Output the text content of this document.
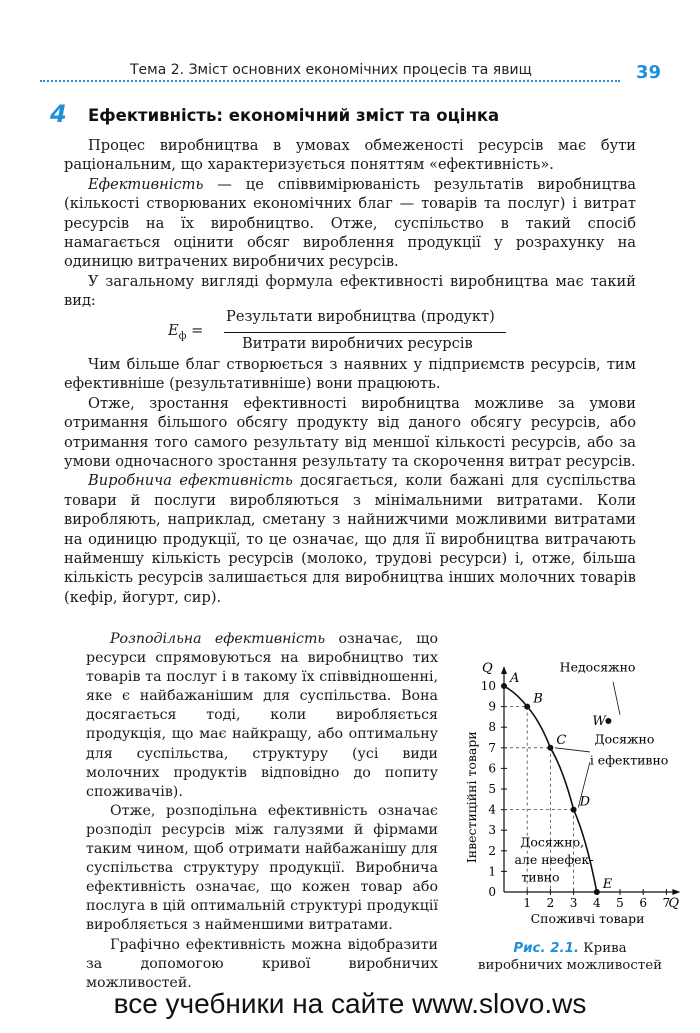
Тема 2. Зміст основних економічних процесів та явищ	39
4 Ефективність: економічний зміст та оцінка

Процес виробництва в умовах обмеженості ресурсів має бути раціональним, що характеризується поняттям «ефективність».

Ефективність — це співвимірюваність результатів виробництва (кількості створюваних економічних благ — товарів та послуг) і витрат ресурсів на їх виробництво. Отже, суспільство в такий спосіб намагається оцінити обсяг вироблення продукції у розрахунку на одиницю витрачених виробничих ресурсів.

У загальному вигляді формула ефективності виробництва має такий вид:

$E_ф$ =
Результати виробництва (продукт)
Витрати виробничих ресурсів

Чим більше благ створюється з наявних у підприємств ресурсів, тим ефективніше (результативніше) вони працюють.

Отже, зростання ефективності виробництва можливе за умови отримання більшого обсягу продукту від даного обсягу ресурсів, або отримання того самого результату від меншої кількості ресурсів, або за умови одночасного зростання результату та скорочення витрат ресурсів.

Виробнича ефективність досягається, коли бажані для суспільства товари й послуги виробляються з мінімальними витратами. Коли виробляють, наприклад, сметану з найнижчими можливими витратами на одиницю продукції, то це означає, що для її виробництва витрачають найменшу кількість ресурсів (молоко, трудові ресурси) і, отже, більша кількість ресурсів залишається для виробництва інших молочних товарів (кефір, йогурт, сир).

Розподільна ефективність означає, що ресурси спрямовуються на виробництво тих товарів та послуг і в такому їх співвідношенні, яке є найбажанішим для суспільства. Вона досягається тоді, коли виробляється продукція, що має найкращу, або оптимальну для суспільства, структуру (усі види молочних продуктів відповідно до попиту споживачів).

Отже, розподільна ефективність означає розподіл ресурсів між галузями й фірмами таким чином, щоб отримати найбажанішу для суспільства структуру продукції. Виробнича ефективність означає, що кожен товар або послуга в цій оптимальній структурі продукції виробляється з найменшими витратами.

Графічно ефективність можна відобразити за допомогою кривої виробничих можливостей.

Q
Q
0
1
2
3
4
5
6
7
8
9
10
1 2 3 4 5 6 7
Споживчі товари
Інвестиційні товари
A
B
C
D
E
W
Недосяжно
Досяжно
і ефективно
Досяжно,
але неефек-
тивно
Рис. 2.1. Крива виробничих можливостей
все учебники на сайте www.slovo.ws
